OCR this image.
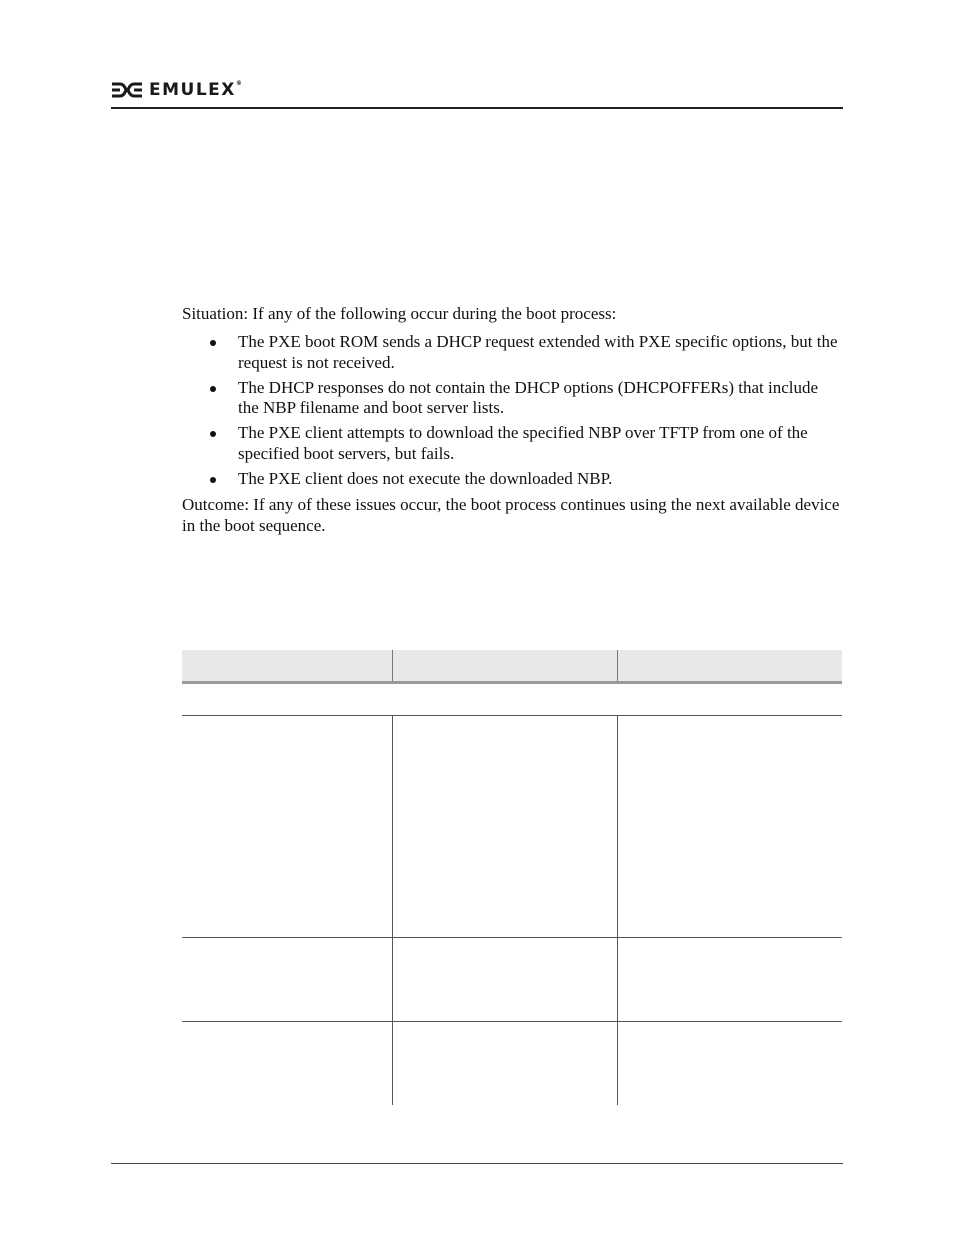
EMULEX®
Situation: If any of the following occur during the boot process:
The PXE boot ROM sends a DHCP request extended with PXE specific options, but the request is not received.
The DHCP responses do not contain the DHCP options (DHCPOFFERs) that include the NBP filename and boot server lists.
The PXE client attempts to download the specified NBP over TFTP from one of the specified boot servers, but fails.
The PXE client does not execute the downloaded NBP.
Outcome: If any of these issues occur, the boot process continues using the next available device in the boot sequence.
